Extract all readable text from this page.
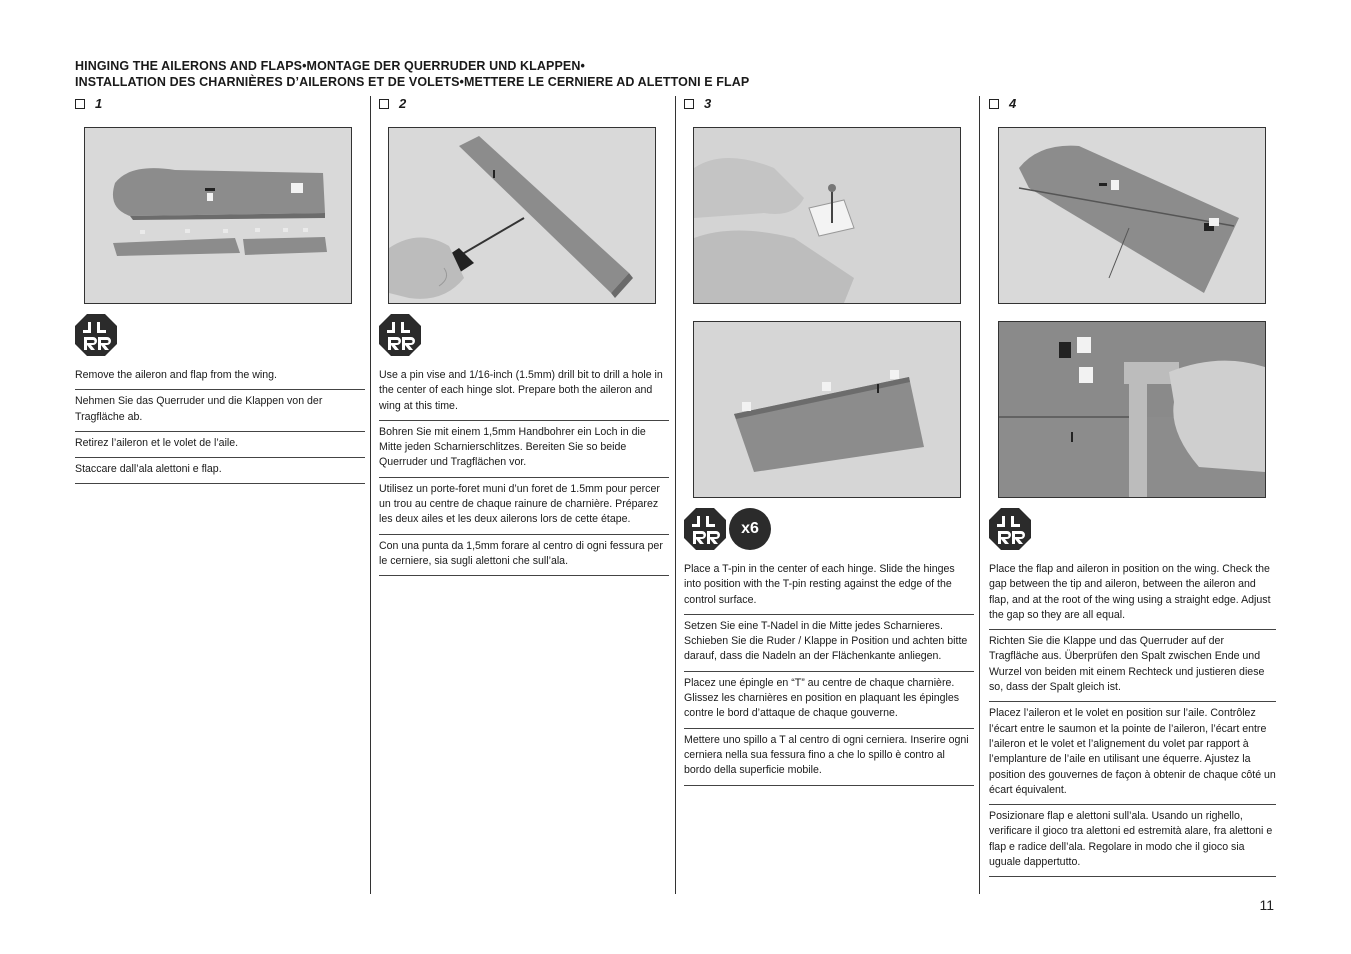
HINGING THE AILERONS AND FLAPS•MONTAGE DER QUERRUDER UND KLAPPEN•
INSTALLATION DES CHARNIÈRES D’AILERONS ET DE VOLETS•METTERE LE CERNIERE AD ALETTONI E FLAP
1
Remove the aileron and flap from the wing.
Nehmen Sie das Querruder und die Klappen von der Tragfläche ab.
Retirez l’aileron et le volet de l’aile.
Staccare dall’ala alettoni e flap.
2
Use a pin vise and 1/16-inch (1.5mm) drill bit to drill a hole in the center of each hinge slot. Prepare both the aileron and wing at this time.
Bohren Sie mit einem 1,5mm Handbohrer ein Loch in die Mitte jeden Scharnierschlitzes. Bereiten Sie so beide Querruder und Tragflächen vor.
Utilisez un porte-foret muni d’un foret de 1.5mm pour percer un trou au centre de chaque rainure de charnière. Préparez les deux ailes et les deux ailerons lors de cette étape.
Con una punta da 1,5mm forare al centro di ogni fessura per le cerniere, sia sugli alettoni che sull’ala.
3
x6
Place a T-pin in the center of each hinge. Slide the hinges into position with the T-pin resting against the edge of the control surface.
Setzen Sie eine T-Nadel in die Mitte jedes Scharnieres. Schieben Sie die Ruder / Klappe in Position und achten bitte darauf, dass die Nadeln an der Flächenkante anliegen.
Placez une épingle en “T” au centre de chaque charnière. Glissez les charnières en position en plaquant les épingles contre le bord d’attaque de chaque gouverne.
Mettere uno spillo a T al centro di ogni cerniera. Inserire ogni cerniera nella sua fessura fino a che lo spillo è contro al bordo della superficie mobile.
4
Place the flap and aileron in position on the wing. Check the gap between the tip and aileron, between the aileron and flap, and at the root of the wing using a straight edge. Adjust the gap so they are all equal.
Richten Sie die Klappe und das Querruder auf der Tragfläche aus. Überprüfen den Spalt zwischen Ende und Wurzel von beiden mit einem Rechteck und justieren diese so, dass der Spalt gleich ist.
Placez l’aileron et le volet en position sur l’aile. Contrôlez l’écart entre le saumon et la pointe de l’aileron, l’écart entre l’aileron et le volet et l’alignement du volet par rapport à l’emplanture de l’aile en utilisant une équerre. Ajustez la position des gouvernes de façon à obtenir de chaque côté un écart équivalent.
Posizionare flap e alettoni sull’ala. Usando un righello, verificare il gioco tra alettoni ed estremità alare, fra alettoni e flap e radice dell’ala. Regolare in modo che il gioco sia uguale dappertutto.
11
